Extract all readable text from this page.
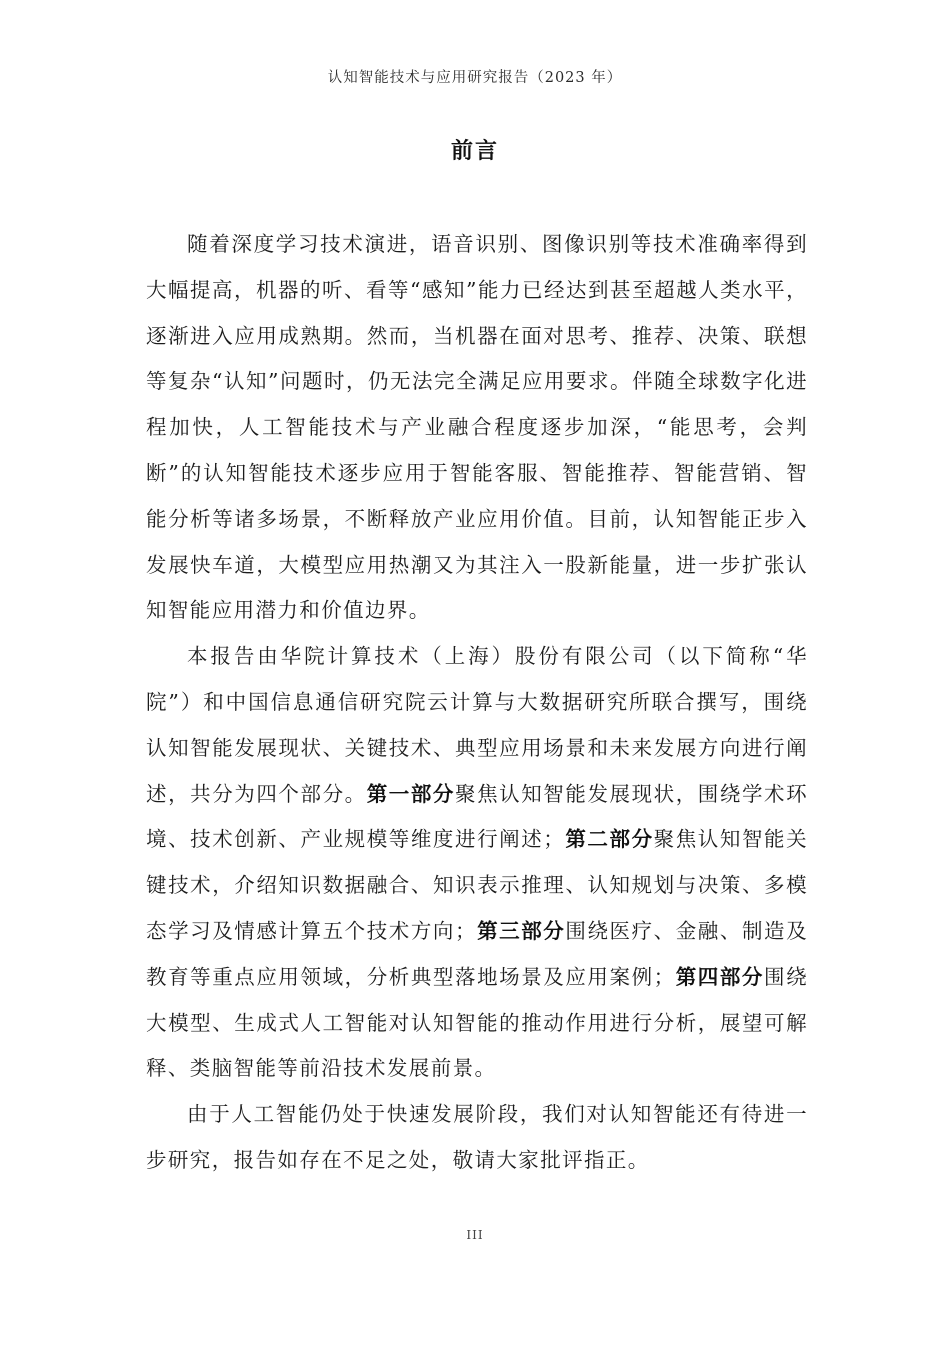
认知智能技术与应用研究报告（2023 年）
前言

随着深度学习技术演进，语音识别、图像识别等技术准确率得到大幅提高，机器的听、看等“感知”能力已经达到甚至超越人类水平，逐渐进入应用成熟期。然而，当机器在面对思考、推荐、决策、联想等复杂“认知”问题时，仍无法完全满足应用要求。伴随全球数字化进程加快，人工智能技术与产业融合程度逐步加深，“能思考，会判断”的认知智能技术逐步应用于智能客服、智能推荐、智能营销、智能分析等诸多场景，不断释放产业应用价值。目前，认知智能正步入发展快车道，大模型应用热潮又为其注入一股新能量，进一步扩张认知智能应用潜力和价值边界。

本报告由华院计算技术（上海）股份有限公司（以下简称“华院”）和中国信息通信研究院云计算与大数据研究所联合撰写，围绕认知智能发展现状、关键技术、典型应用场景和未来发展方向进行阐述，共分为四个部分。第一部分聚焦认知智能发展现状，围绕学术环境、技术创新、产业规模等维度进行阐述；第二部分聚焦认知智能关键技术，介绍知识数据融合、知识表示推理、认知规划与决策、多模态学习及情感计算五个技术方向；第三部分围绕医疗、金融、制造及教育等重点应用领域，分析典型落地场景及应用案例；第四部分围绕大模型、生成式人工智能对认知智能的推动作用进行分析，展望可解释、类脑智能等前沿技术发展前景。

由于人工智能仍处于快速发展阶段，我们对认知智能还有待进一步研究，报告如存在不足之处，敬请大家批评指正。

III
